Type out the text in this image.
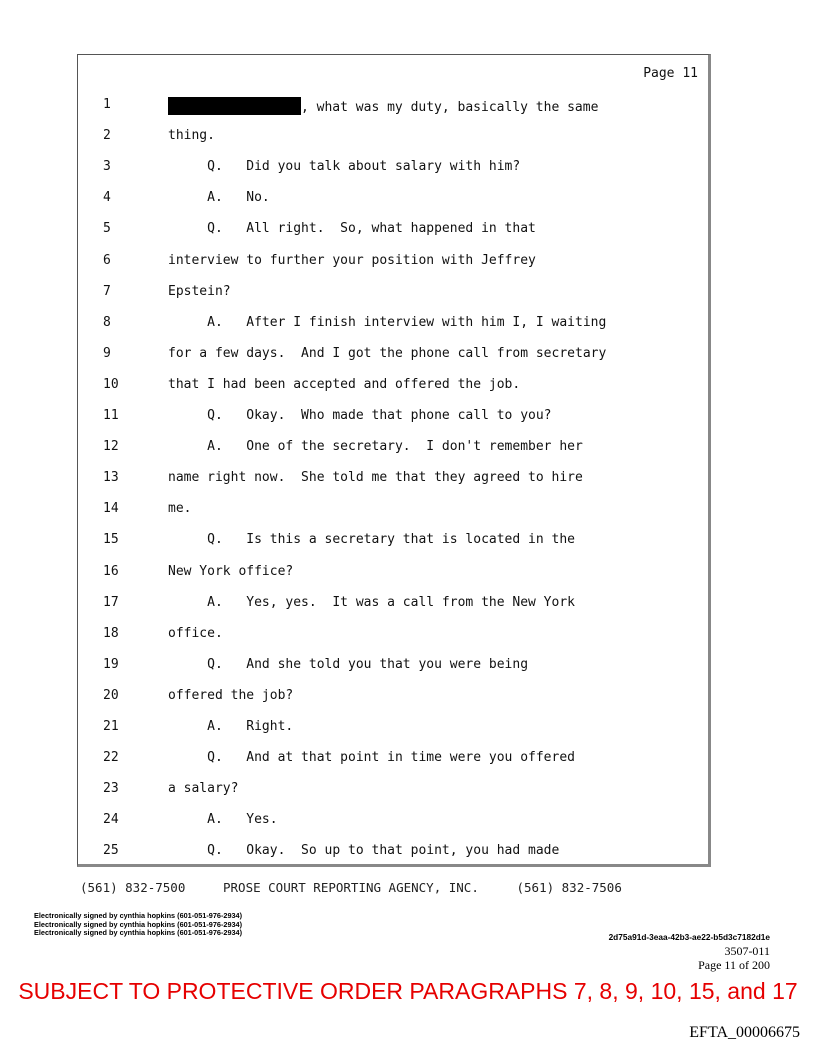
Page 11
1	, what was my duty, basically the same
2	thing.
3	Q.   Did you talk about salary with him?
4	A.   No.
5	Q.   All right.  So, what happened in that
6	interview to further your position with Jeffrey
7	Epstein?
8	A.   After I finish interview with him I, I waiting
9	for a few days.  And I got the phone call from secretary
10	that I had been accepted and offered the job.
11	Q.   Okay.  Who made that phone call to you?
12	A.   One of the secretary.  I don't remember her
13	name right now.  She told me that they agreed to hire
14	me.
15	Q.   Is this a secretary that is located in the
16	New York office?
17	A.   Yes, yes.  It was a call from the New York
18	office.
19	Q.   And she told you that you were being
20	offered the job?
21	A.   Right.
22	Q.   And at that point in time were you offered
23	a salary?
24	A.   Yes.
25	Q.   Okay.  So up to that point, you had made
(561) 832-7500     PROSE COURT REPORTING AGENCY, INC.     (561) 832-7506
Electronically signed by cynthia hopkins (601-051-976-2934)
Electronically signed by cynthia hopkins (601-051-976-2934)
Electronically signed by cynthia hopkins (601-051-976-2934)	2d75a91d-3eaa-42b3-ae22-b5d3c7182d1e
3507-011
Page 11 of 200
SUBJECT TO PROTECTIVE ORDER PARAGRAPHS 7, 8, 9, 10, 15, and 17
EFTA_00006675
